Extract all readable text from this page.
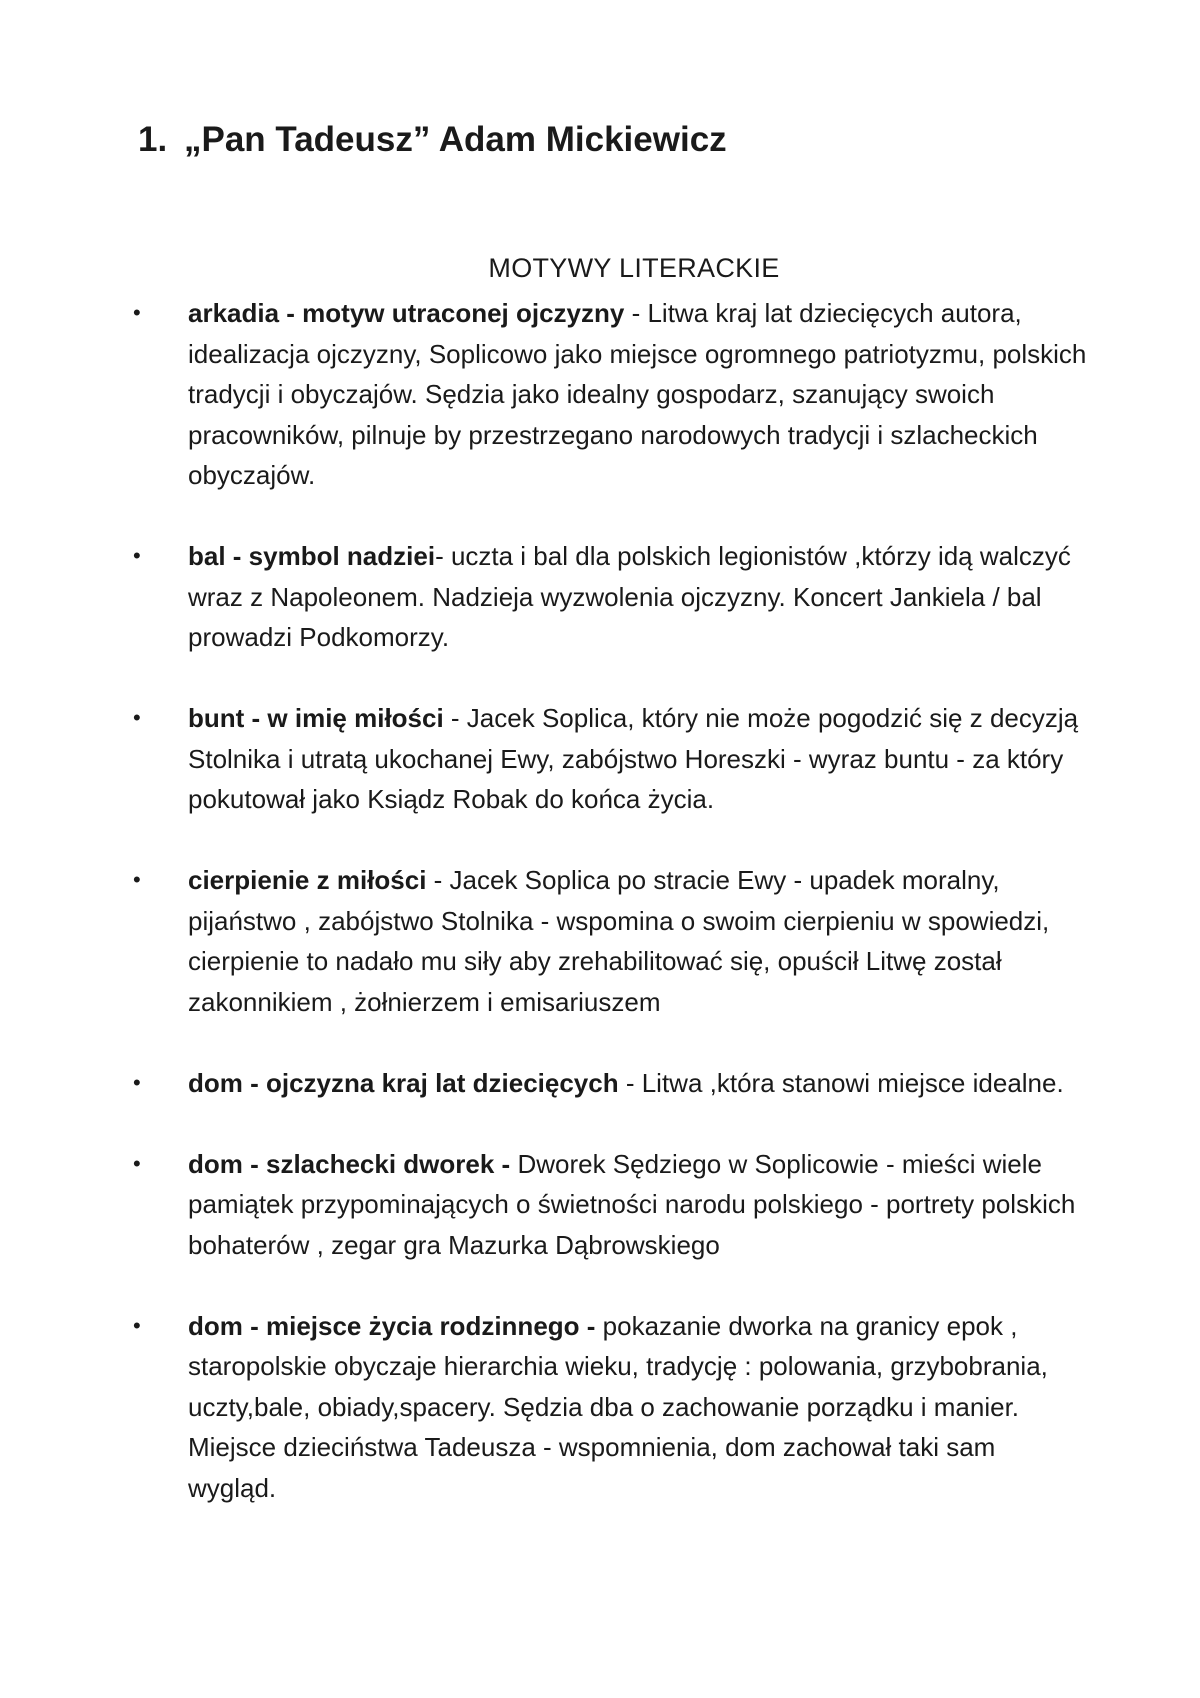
1. „Pan Tadeusz” Adam Mickiewicz
MOTYWY LITERACKIE
• arkadia - motyw utraconej ojczyzny - Litwa kraj lat dziecięcych autora, idealizacja ojczyzny, Soplicowo jako miejsce ogromnego patriotyzmu, polskich tradycji i obyczajów. Sędzia jako idealny gospodarz, szanujący swoich pracowników, pilnuje by przestrzegano narodowych tradycji i szlacheckich obyczajów.
• bal - symbol nadziei- uczta i bal dla polskich legionistów ,którzy idą walczyć wraz z Napoleonem. Nadzieja wyzwolenia ojczyzny. Koncert Jankiela / bal prowadzi Podkomorzy.
• bunt - w imię miłości - Jacek Soplica, który nie może pogodzić się z decyzją Stolnika i utratą ukochanej Ewy, zabójstwo Horeszki - wyraz buntu - za który pokutował jako Ksiądz Robak do końca życia.
• cierpienie z miłości - Jacek Soplica po stracie Ewy - upadek moralny, pijaństwo , zabójstwo Stolnika - wspomina o swoim cierpieniu w spowiedzi, cierpienie to nadało mu siły aby zrehabilitować się, opuścił Litwę został zakonnikiem , żołnierzem i emisariuszem
• dom - ojczyzna kraj lat dziecięcych - Litwa ,która stanowi miejsce idealne.
• dom - szlachecki dworek - Dworek Sędziego w Soplicowie - mieści wiele pamiątek przypominających o świetności narodu polskiego - portrety polskich bohaterów , zegar gra Mazurka Dąbrowskiego
• dom - miejsce życia rodzinnego - pokazanie dworka na granicy epok , staropolskie obyczaje hierarchia wieku, tradycję : polowania, grzybobrania, uczty,bale, obiady,spacery. Sędzia dba o zachowanie porządku i manier. Miejsce dzieciństwa Tadeusza - wspomnienia, dom zachował taki sam wygląd.
